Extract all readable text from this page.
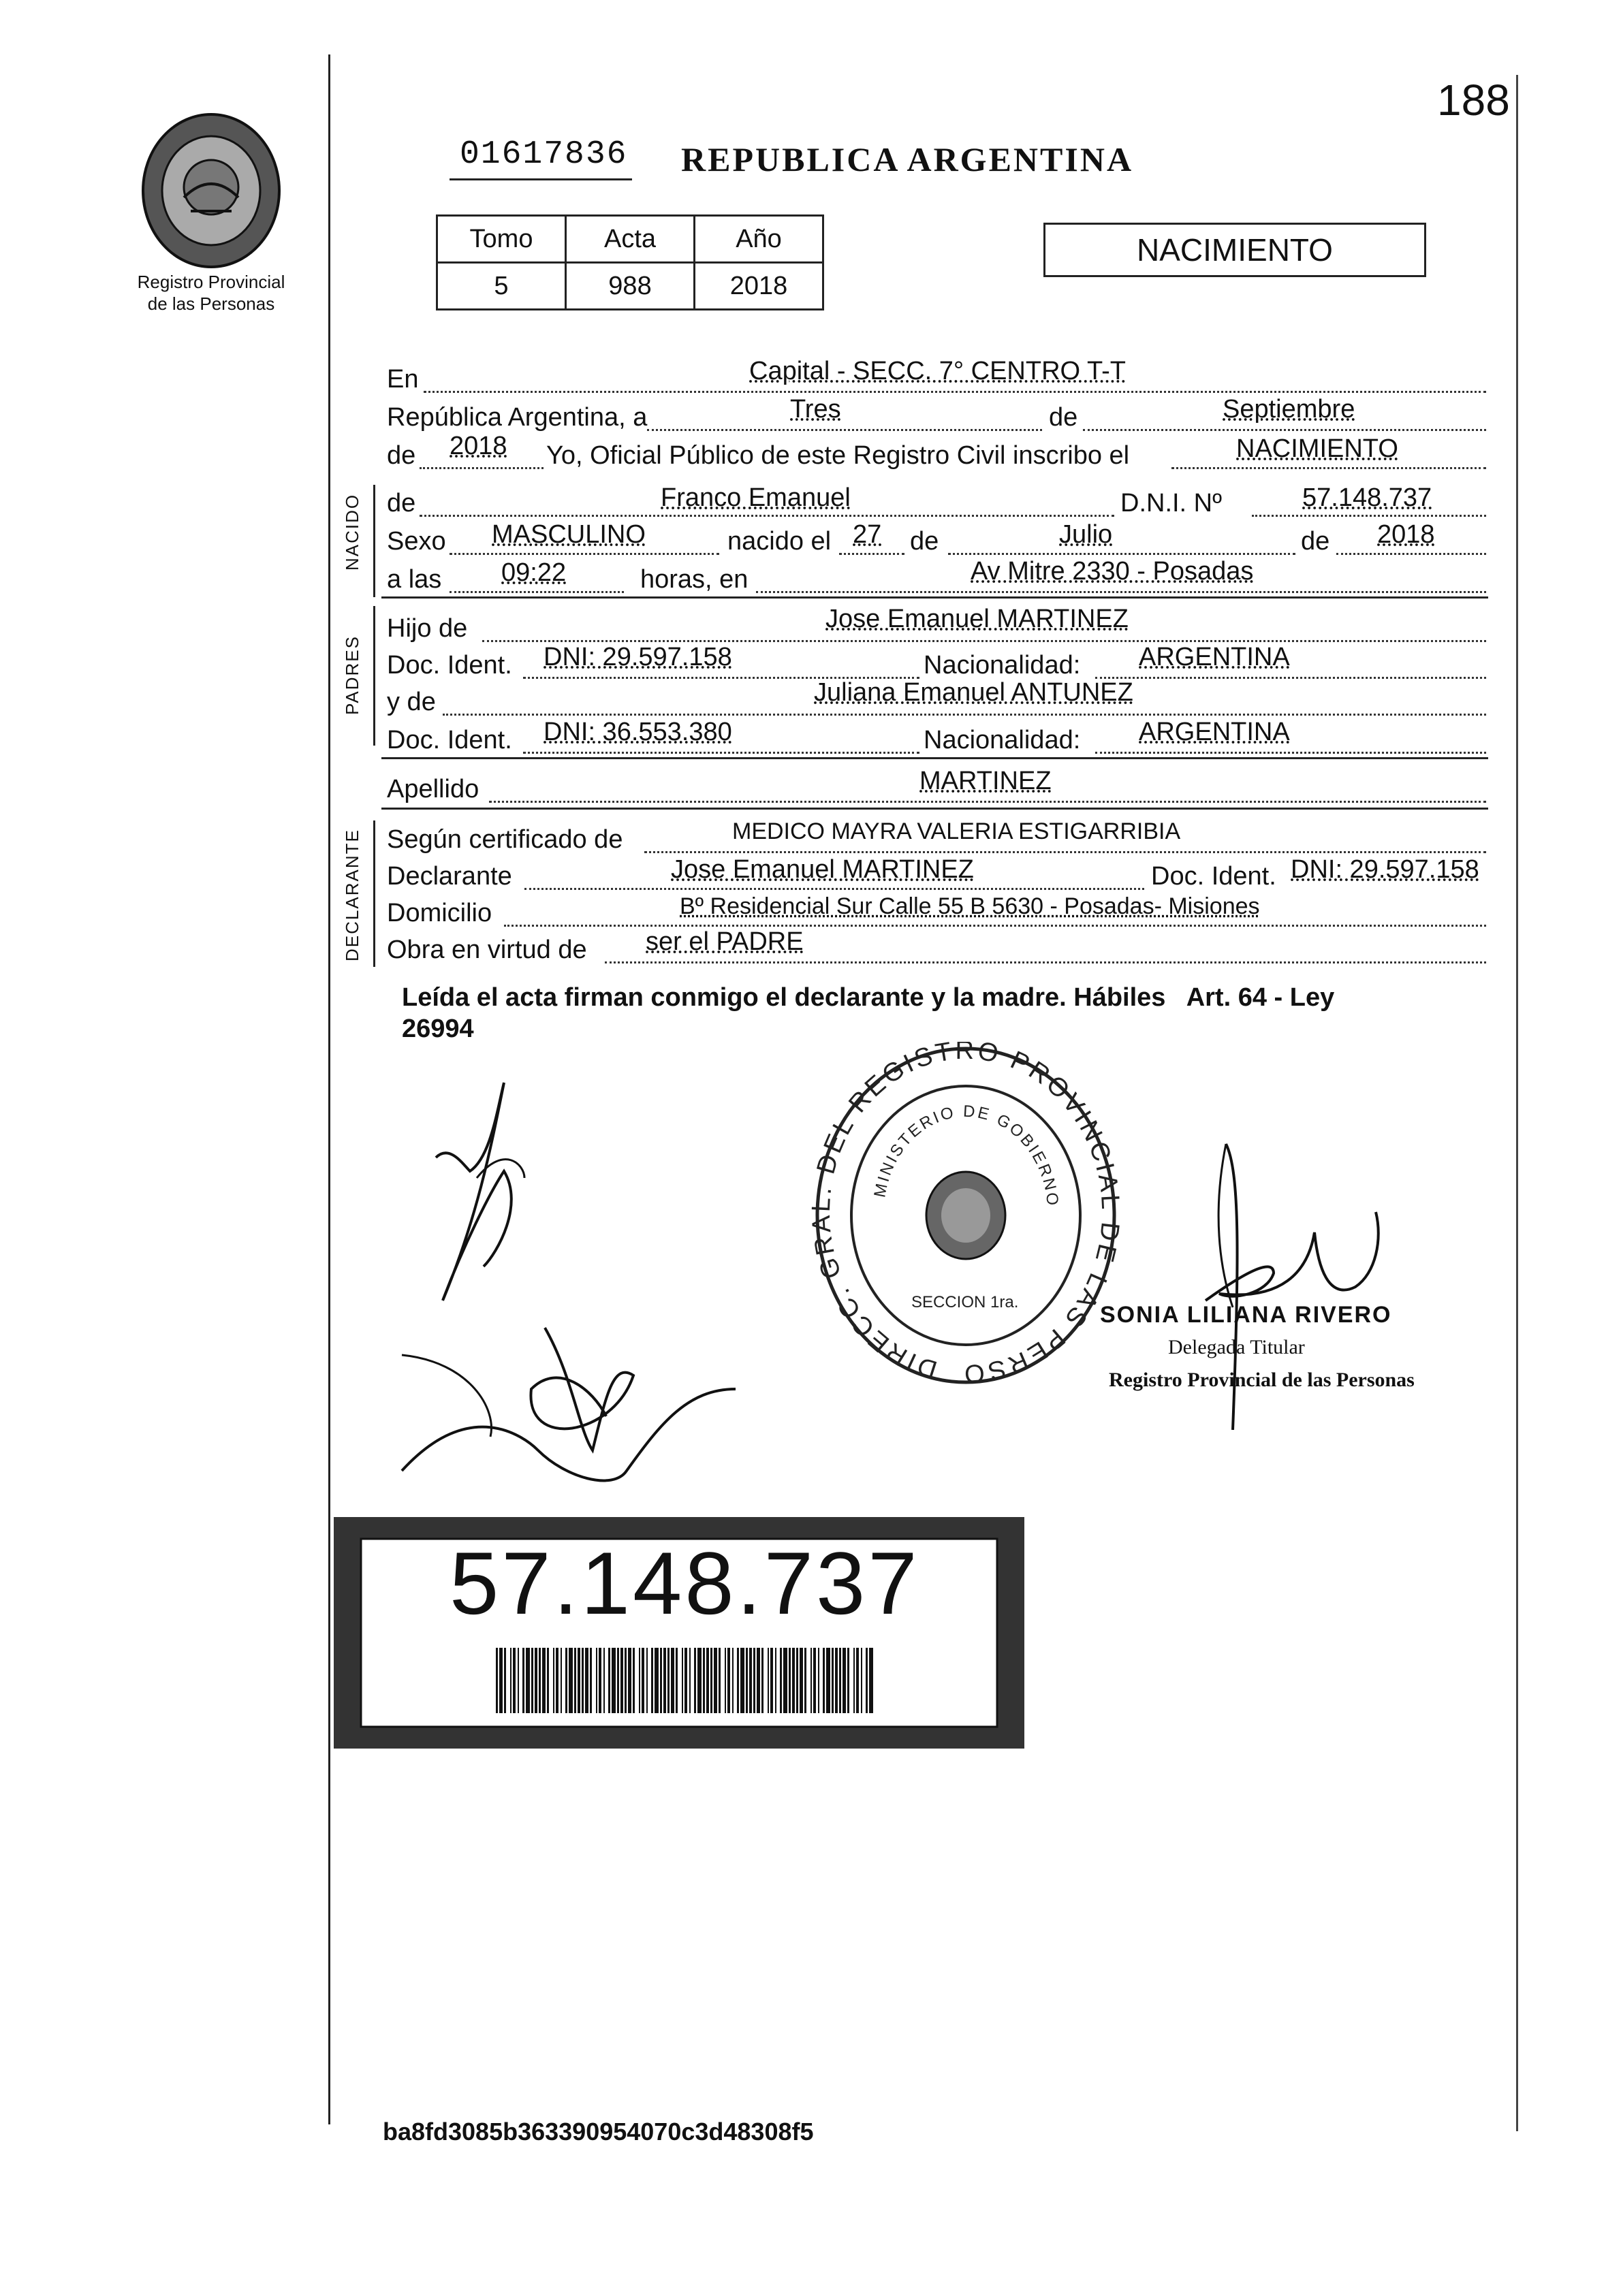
Registro Provincial
de las Personas
188
01617836 REPUBLICA ARGENTINA
Tomo	Acta	Año
5	988	2018
NACIMIENTO
NACIDO
PADRES
DECLARANTE
En	Capital - SECC. 7° CENTRO T-T
República Argentina, a	Tres	de	Septiembre
de 2018 Yo, Oficial Público de este Registro Civil inscribo el	NACIMIENTO
de	Franco Emanuel	D.N.I. Nº	57.148.737
Sexo MASCULINO	nacido el 27 de	Julio	de 2018
a las 09:22	horas, en	Av Mitre 2330 - Posadas
Hijo de	Jose Emanuel MARTINEZ
Doc. Ident. DNI: 29.597.158	Nacionalidad: ARGENTINA
y de	Juliana Emanuel ANTUNEZ
Doc. Ident. DNI: 36.553.380	Nacionalidad: ARGENTINA
Apellido	MARTINEZ
Según certificado de	MEDICO MAYRA VALERIA ESTIGARRIBIA
Declarante	Jose Emanuel MARTINEZ	Doc. Ident. DNI: 29.597.158
Domicilio	Bº Residencial Sur Calle 55 B 5630 - Posadas- Misiones
Obra en virtud de ser el PADRE
Leída el acta firman conmigo el declarante y la madre. Hábiles   Art. 64 - Ley
26994
DIRECC. GRAL. DEL REGISTRO PROVINCIAL DE LAS PERSO
MINISTERIO DE GOBIERNO
SECCION 1ra.	SONIA LILIANA RIVERO
Delegada Titular
Registro Provincial de las Personas
57.148.737
ba8fd3085b363390954070c3d48308f5
